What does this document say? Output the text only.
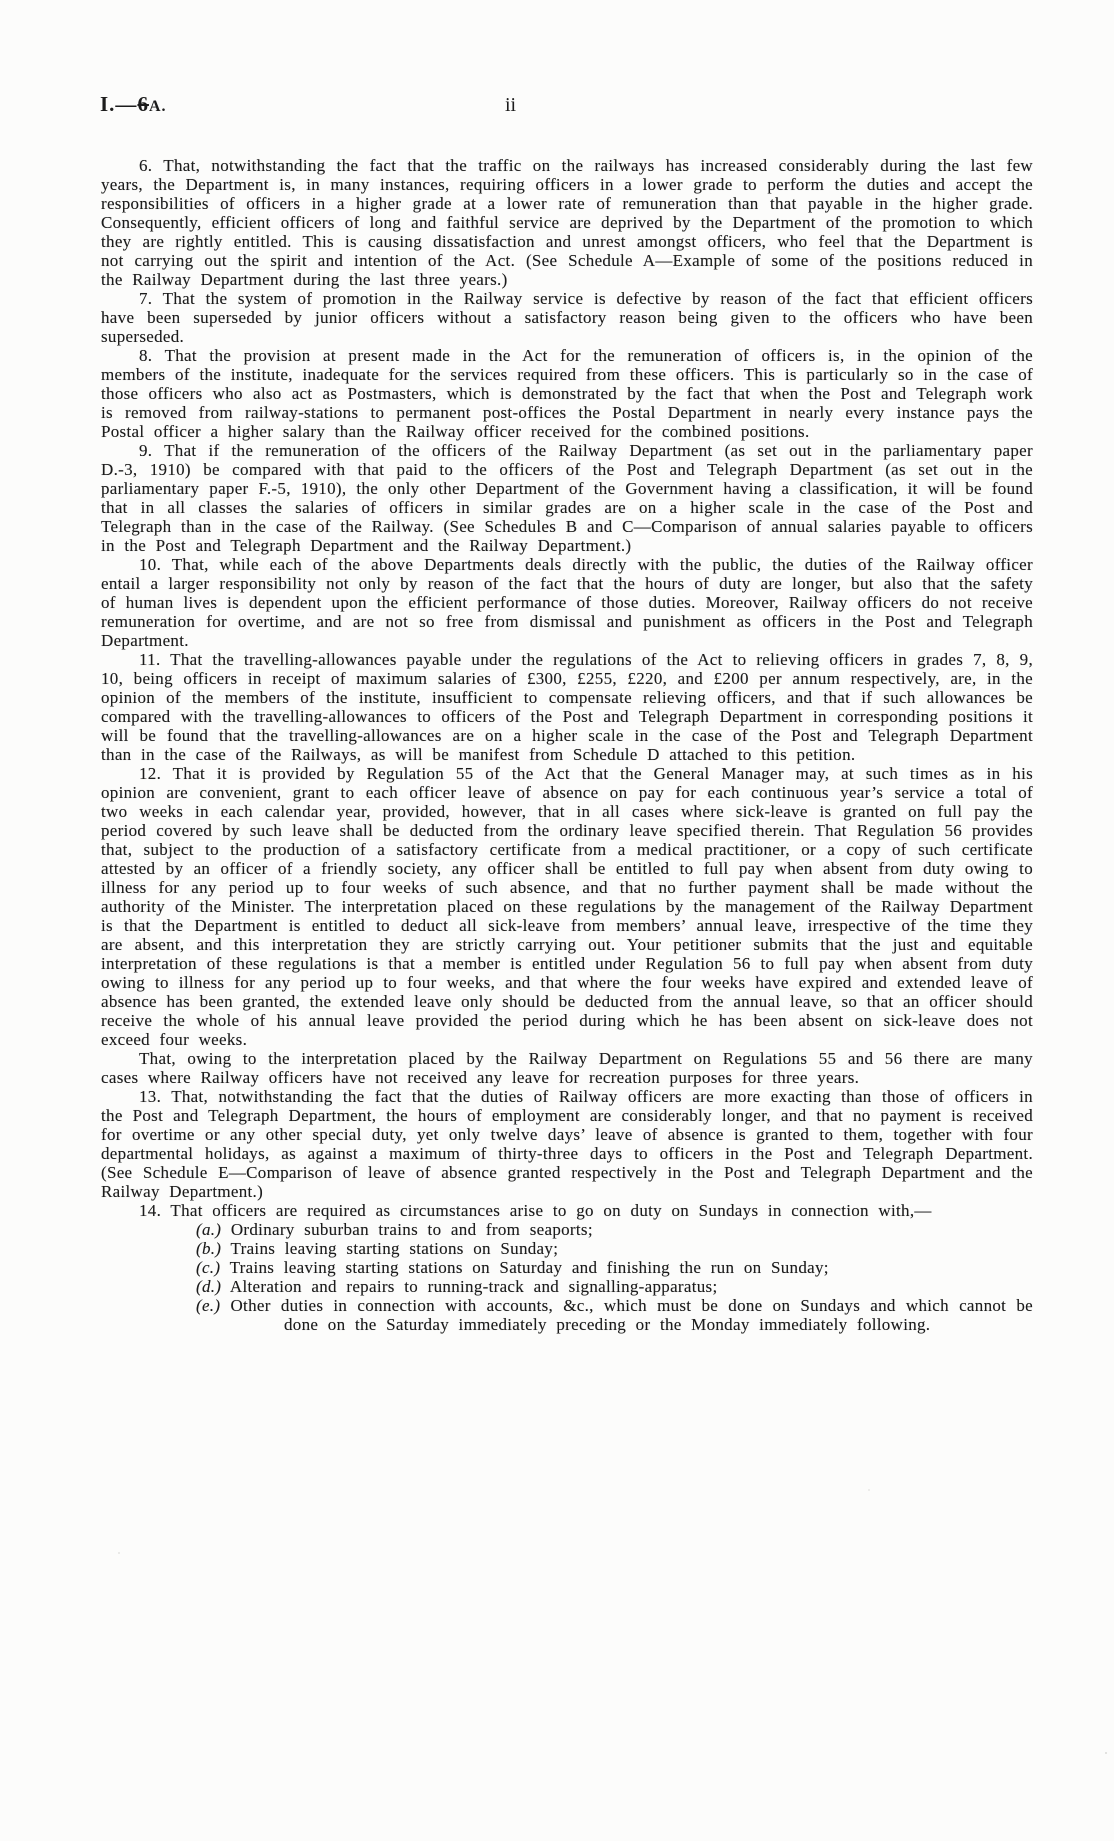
I.—6A.	ii

6. That, notwithstanding the fact that the traffic on the railways has increased considerably during the last few years, the Department is, in many instances, requiring officers in a lower grade to perform the duties and accept the responsibilities of officers in a higher grade at a lower rate of remuneration than that payable in the higher grade. Consequently, efficient officers of long and faithful service are deprived by the Department of the promotion to which they are rightly entitled. This is causing dissatisfaction and unrest amongst officers, who feel that the Department is not carrying out the spirit and intention of the Act. (See Schedule A—Example of some of the positions reduced in the Railway Department during the last three years.)

7. That the system of promotion in the Railway service is defective by reason of the fact that efficient officers have been superseded by junior officers without a satisfactory reason being given to the officers who have been superseded.

8. That the provision at present made in the Act for the remuneration of officers is, in the opinion of the members of the institute, inadequate for the services required from these officers. This is particularly so in the case of those officers who also act as Postmasters, which is demonstrated by the fact that when the Post and Telegraph work is removed from railway-stations to permanent post-offices the Postal Department in nearly every instance pays the Postal officer a higher salary than the Railway officer received for the combined positions.

9. That if the remuneration of the officers of the Railway Department (as set out in the parliamentary paper D.-3, 1910) be compared with that paid to the officers of the Post and Telegraph Department (as set out in the parliamentary paper F.-5, 1910), the only other Department of the Government having a classification, it will be found that in all classes the salaries of officers in similar grades are on a higher scale in the case of the Post and Telegraph than in the case of the Railway. (See Schedules B and C—Comparison of annual salaries payable to officers in the Post and Telegraph Department and the Railway Department.)

10. That, while each of the above Departments deals directly with the public, the duties of the Railway officer entail a larger responsibility not only by reason of the fact that the hours of duty are longer, but also that the safety of human lives is dependent upon the efficient performance of those duties. Moreover, Railway officers do not receive remuneration for overtime, and are not so free from dismissal and punishment as officers in the Post and Telegraph Department.

11. That the travelling-allowances payable under the regulations of the Act to relieving officers in grades 7, 8, 9, 10, being officers in receipt of maximum salaries of £300, £255, £220, and £200 per annum respectively, are, in the opinion of the members of the institute, insufficient to compensate relieving officers, and that if such allowances be compared with the travelling-allowances to officers of the Post and Telegraph Department in corresponding positions it will be found that the travelling-allowances are on a higher scale in the case of the Post and Telegraph Department than in the case of the Railways, as will be manifest from Schedule D attached to this petition.

12. That it is provided by Regulation 55 of the Act that the General Manager may, at such times as in his opinion are convenient, grant to each officer leave of absence on pay for each continuous year’s service a total of two weeks in each calendar year, provided, however, that in all cases where sick-leave is granted on full pay the period covered by such leave shall be deducted from the ordinary leave specified therein. That Regulation 56 provides that, subject to the production of a satisfactory certificate from a medical practitioner, or a copy of such certificate attested by an officer of a friendly society, any officer shall be entitled to full pay when absent from duty owing to illness for any period up to four weeks of such absence, and that no further payment shall be made without the authority of the Minister. The interpretation placed on these regulations by the management of the Railway Department is that the Department is entitled to deduct all sick-leave from members’ annual leave, irrespective of the time they are absent, and this interpretation they are strictly carrying out. Your petitioner submits that the just and equitable interpretation of these regulations is that a member is entitled under Regulation 56 to full pay when absent from duty owing to illness for any period up to four weeks, and that where the four weeks have expired and extended leave of absence has been granted, the extended leave only should be deducted from the annual leave, so that an officer should receive the whole of his annual leave provided the period during which he has been absent on sick-leave does not exceed four weeks.

That, owing to the interpretation placed by the Railway Department on Regulations 55 and 56 there are many cases where Railway officers have not received any leave for recreation purposes for three years.

13. That, notwithstanding the fact that the duties of Railway officers are more exacting than those of officers in the Post and Telegraph Department, the hours of employment are considerably longer, and that no payment is received for overtime or any other special duty, yet only twelve days’ leave of absence is granted to them, together with four departmental holidays, as against a maximum of thirty-three days to officers in the Post and Telegraph Department. (See Schedule E—Comparison of leave of absence granted respectively in the Post and Telegraph Department and the Railway Department.)

14. That officers are required as circumstances arise to go on duty on Sundays in connection with,—

(a.) Ordinary suburban trains to and from seaports;
(b.) Trains leaving starting stations on Sunday;
(c.) Trains leaving starting stations on Saturday and finishing the run on Sunday;
(d.) Alteration and repairs to running-track and signalling-apparatus;
(e.) Other duties in connection with accounts, &c., which must be done on Sundays and which cannot be done on the Saturday immediately preceding or the Monday immediately following.
